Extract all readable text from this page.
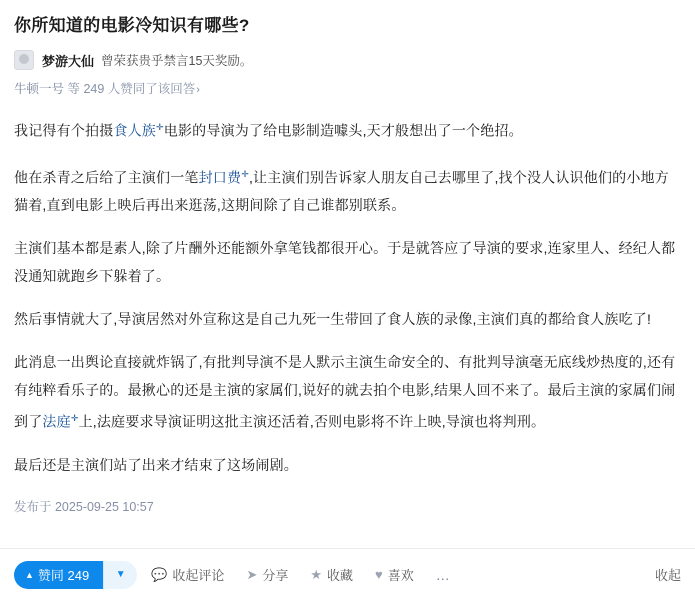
你所知道的电影冷知识有哪些?
梦游大仙 曾荣获贵乎禁言15天奖励。
牛顿一号 等 249 人赞同了该回答›

我记得有个拍摄食人族✛电影的导演为了给电影制造噱头,天才般想出了一个绝招。

他在杀青之后给了主演们一笔封口费✛,让主演们别告诉家人朋友自己去哪里了,找个没人认识他们的小地方猫着,直到电影上映后再出来逛荡,这期间除了自己谁都别联系。

主演们基本都是素人,除了片酬外还能额外拿笔钱都很开心。于是就答应了导演的要求,连家里人、经纪人都没通知就跑乡下躲着了。

然后事情就大了,导演居然对外宣称这是自己九死一生带回了食人族的录像,主演们真的都给食人族吃了!

此消息一出舆论直接就炸锅了,有批判导演不是人默示主演生命安全的、有批判导演毫无底线炒热度的,还有有纯粹看乐子的。最揪心的还是主演的家属们,说好的就去拍个电影,结果人回不来了。最后主演的家属们闹到了法庭✛上,法庭要求导演证明这批主演还活着,否则电影将不许上映,导演也将判刑。

最后还是主演们站了出来才结束了这场闹剧。

发布于 2025-09-25 10:57
▲ 赞同 249	▼ 💬 收起评论 ➤ 分享 ★ 收藏 ♥ 喜欢 …	收起
